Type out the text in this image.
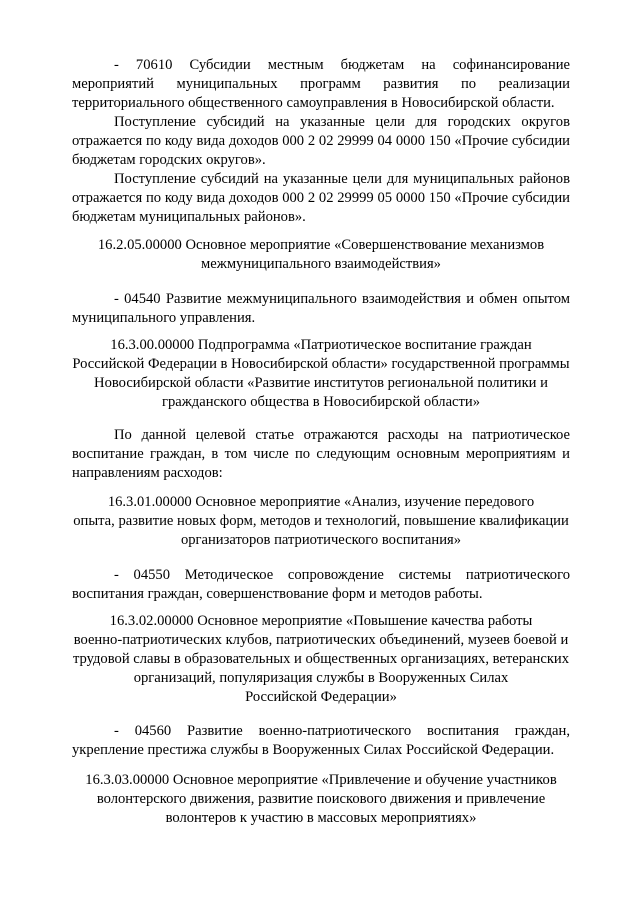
- 70610 Субсидии местным бюджетам на софинансирование мероприятий муниципальных программ развития по реализации территориального общественного самоуправления в Новосибирской области.

Поступление субсидий на указанные цели для городских округов отражается по коду вида доходов 000 2 02 29999 04 0000 150 «Прочие субсидии бюджетам городских округов».

Поступление субсидий на указанные цели для муниципальных районов отражается по коду вида доходов 000 2 02 29999 05 0000 150 «Прочие субсидии бюджетам муниципальных районов».

16.2.05.00000 Основное мероприятие «Совершенствование механизмов
межмуниципального взаимодействия»

- 04540 Развитие межмуниципального взаимодействия и обмен опытом муниципального управления.

16.3.00.00000 Подпрограмма «Патриотическое воспитание граждан
Российской Федерации в Новосибирской области» государственной программы
Новосибирской области «Развитие институтов региональной политики и
гражданского общества в Новосибирской области»

По данной целевой статье отражаются расходы на патриотическое воспитание граждан, в том числе по следующим основным мероприятиям и направлениям расходов:

16.3.01.00000 Основное мероприятие «Анализ, изучение передового
опыта, развитие новых форм, методов и технологий, повышение квалификации
организаторов патриотического воспитания»

- 04550 Методическое сопровождение системы патриотического воспитания граждан, совершенствование форм и методов работы.

16.3.02.00000 Основное мероприятие «Повышение качества работы
военно-патриотических клубов, патриотических объединений, музеев боевой и
трудовой славы в образовательных и общественных организациях, ветеранских
организаций, популяризация службы в Вооруженных Силах
Российской Федерации»

- 04560 Развитие военно-патриотического воспитания граждан, укрепление престижа службы в Вооруженных Силах Российской Федерации.

16.3.03.00000 Основное мероприятие «Привлечение и обучение участников
волонтерского движения, развитие поискового движения и привлечение
волонтеров к участию в массовых мероприятиях»
